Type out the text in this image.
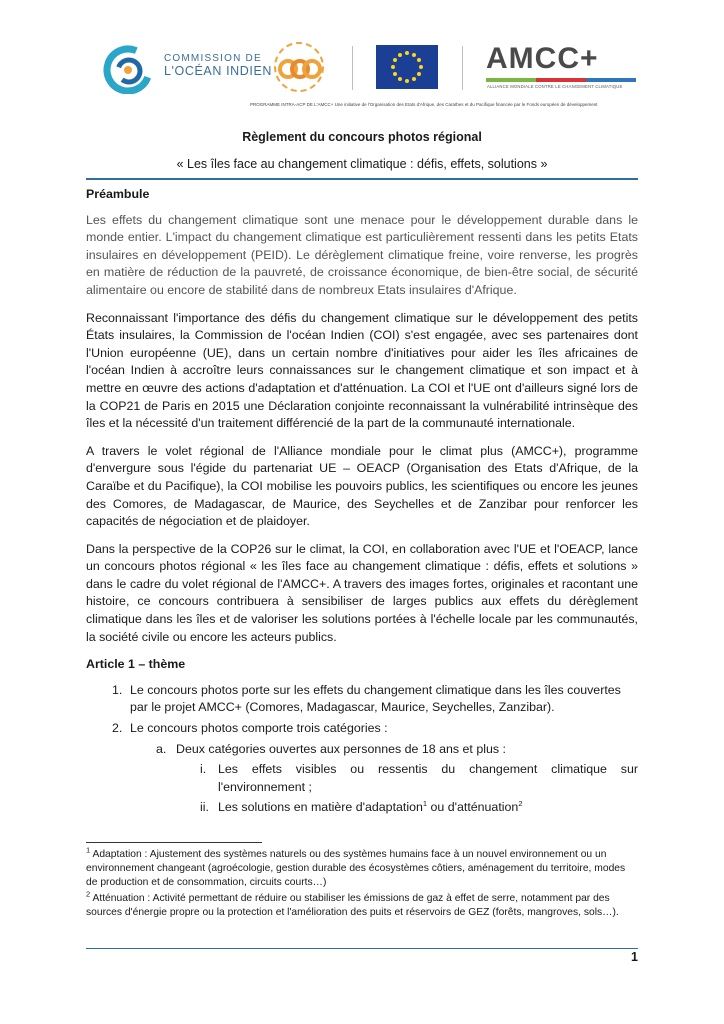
COMMISSION DE
L'OCÉAN INDIEN	AMCC+
ALLIANCE MONDIALE CONTRE LE CHANGEMENT CLIMATIQUE
PROGRAMME INTRA-ACP DE L'AMCC+ Une initiative de l'Organisation des Etats d'Afrique, des Caraïbes et du Pacifique financée par le Fonds européen de développement
Règlement du concours photos régional
« Les îles face au changement climatique : défis, effets, solutions »

Préambule

Les effets du changement climatique sont une menace pour le développement durable dans le monde entier. L'impact du changement climatique est particulièrement ressenti dans les petits Etats insulaires en développement (PEID). Le dérèglement climatique freine, voire renverse, les progrès en matière de réduction de la pauvreté, de croissance économique, de bien-être social, de sécurité alimentaire ou encore de stabilité dans de nombreux Etats insulaires d'Afrique.

Reconnaissant l'importance des défis du changement climatique sur le développement des petits États insulaires, la Commission de l'océan Indien (COI) s'est engagée, avec ses partenaires dont l'Union européenne (UE), dans un certain nombre d'initiatives pour aider les îles africaines de l'océan Indien à accroître leurs connaissances sur le changement climatique et son impact et à mettre en œuvre des actions d'adaptation et d'atténuation. La COI et l'UE ont d'ailleurs signé lors de la COP21 de Paris en 2015 une Déclaration conjointe reconnaissant la vulnérabilité intrinsèque des îles et la nécessité d'un traitement différencié de la part de la communauté internationale.

A travers le volet régional de l'Alliance mondiale pour le climat plus (AMCC+), programme d'envergure sous l'égide du partenariat UE – OEACP (Organisation des Etats d'Afrique, de la Caraïbe et du Pacifique), la COI mobilise les pouvoirs publics, les scientifiques ou encore les jeunes des Comores, de Madagascar, de Maurice, des Seychelles et de Zanzibar pour renforcer les capacités de négociation et de plaidoyer.

Dans la perspective de la COP26 sur le climat, la COI, en collaboration avec l'UE et l'OEACP, lance un concours photos régional « les îles face au changement climatique : défis, effets et solutions » dans le cadre du volet régional de l'AMCC+. A travers des images fortes, originales et racontant une histoire, ce concours contribuera à sensibiliser de larges publics aux effets du dérèglement climatique dans les îles et de valoriser les solutions portées à l'échelle locale par les communautés, la société civile ou encore les acteurs publics.

Article 1 – thème

1. Le concours photos porte sur les effets du changement climatique dans les îles couvertes par le projet AMCC+ (Comores, Madagascar, Maurice, Seychelles, Zanzibar).
2. Le concours photos comporte trois catégories :
a. Deux catégories ouvertes aux personnes de 18 ans et plus :
i. Les effets visibles ou ressentis du changement climatique sur l'environnement ;
ii. Les solutions en matière d'adaptation$^1$ ou d'atténuation$^2$

$^1$ Adaptation : Ajustement des systèmes naturels ou des systèmes humains face à un nouvel environnement ou un environnement changeant (agroécologie, gestion durable des écosystèmes côtiers, aménagement du territoire, modes de production et de consommation, circuits courts…)

$^2$ Atténuation : Activité permettant de réduire ou stabiliser les émissions de gaz à effet de serre, notamment par des sources d'énergie propre ou la protection et l'amélioration des puits et réservoirs de GEZ (forêts, mangroves, sols…).

1
